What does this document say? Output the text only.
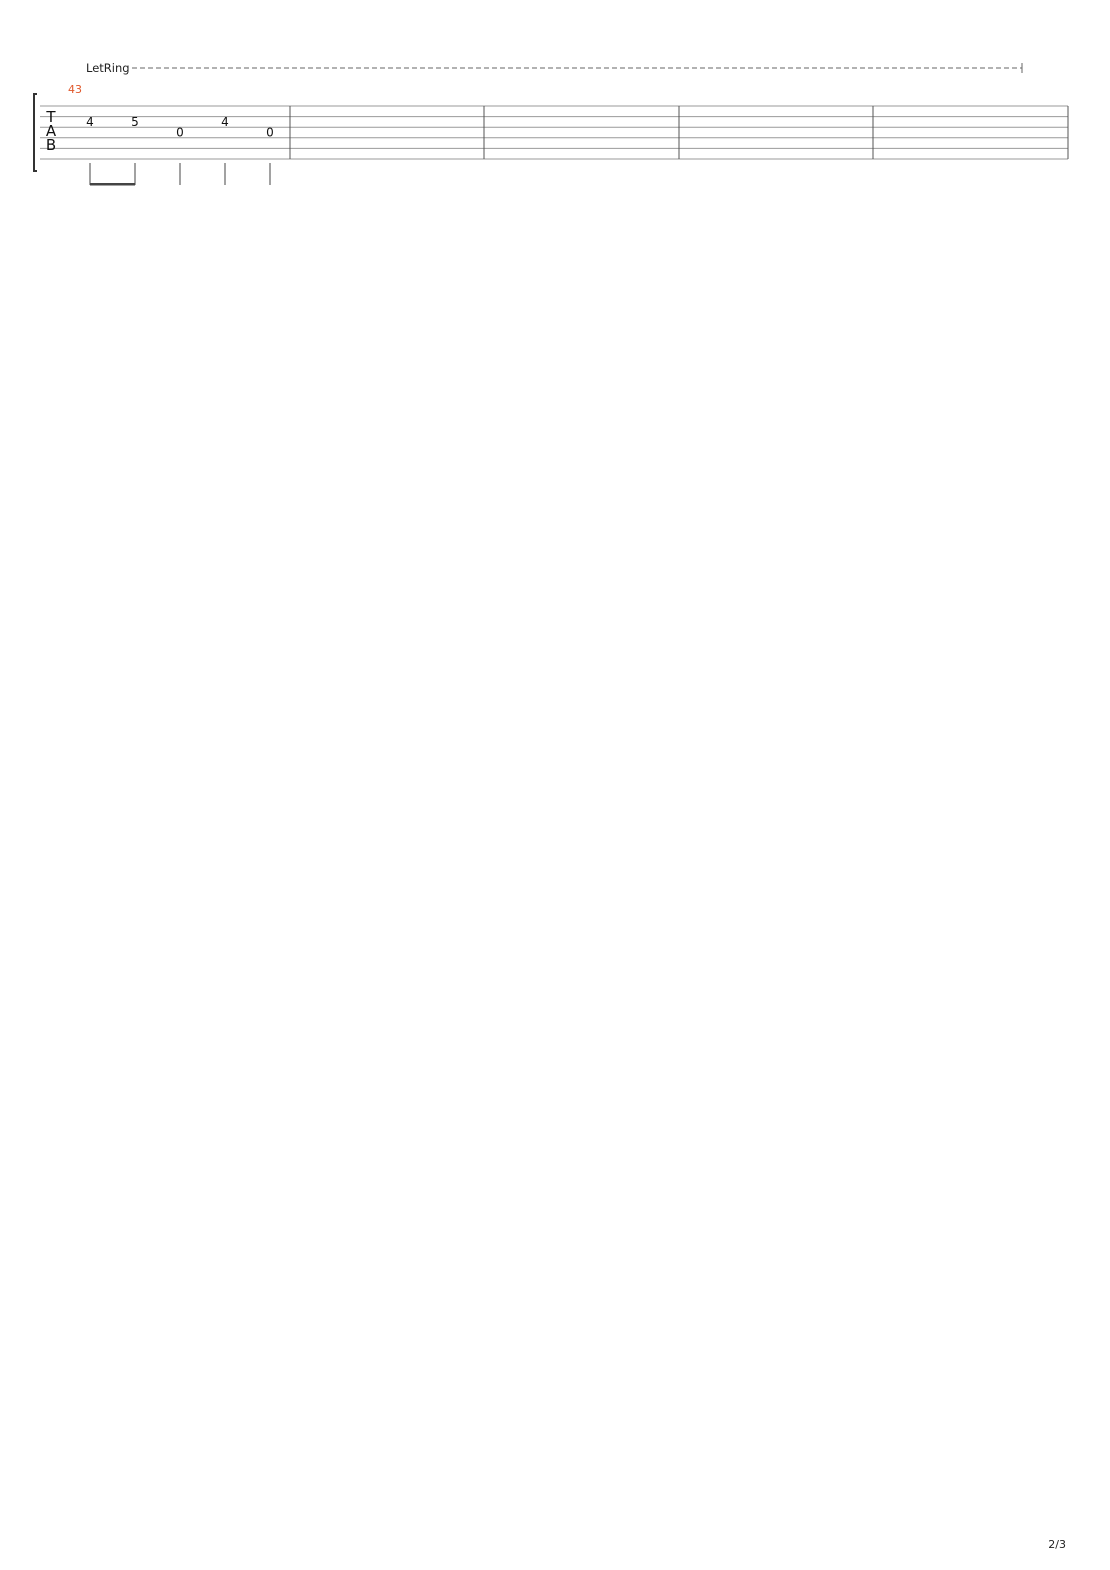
T
A
B
LetRing
43
4	5
0
4
0
2/3
